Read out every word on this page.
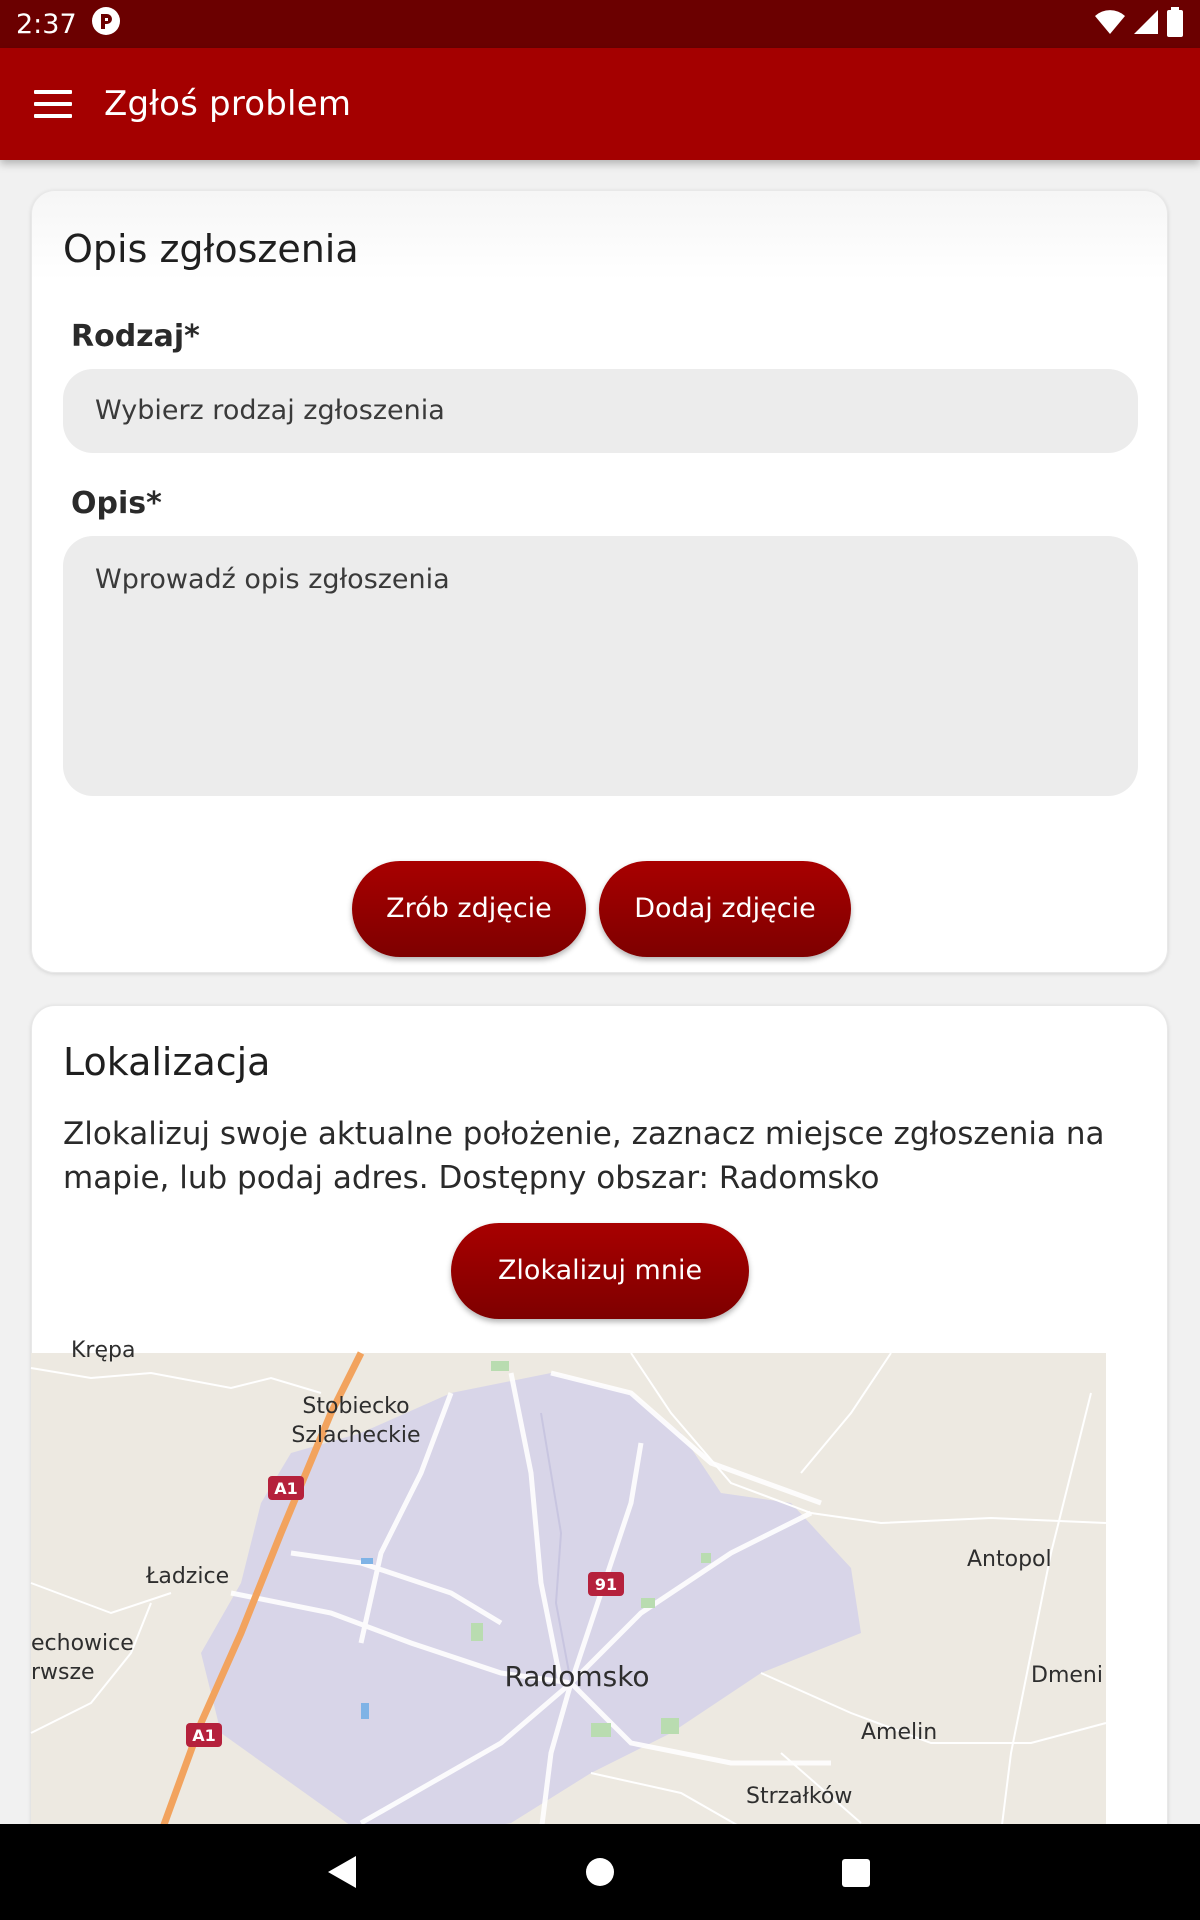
2:37
Zgłoś problem
Opis zgłoszenia
Rodzaj*
Wybierz rodzaj zgłoszenia
Opis*
Wprowadź opis zgłoszenia
Zrób zdjęcie	Dodaj zdjęcie
Lokalizacja
Zlokalizuj swoje aktualne położenie, zaznacz miejsce zgłoszenia na mapie, lub podaj adres. Dostępny obszar: Radomsko
Zlokalizuj mnie
A1
A1
91
Krępa
Stobiecko
Szlacheckie
Ładzice
echowice
rwsze	Radomsko
Antopol
Dmeni
Amelin
Strzałków
